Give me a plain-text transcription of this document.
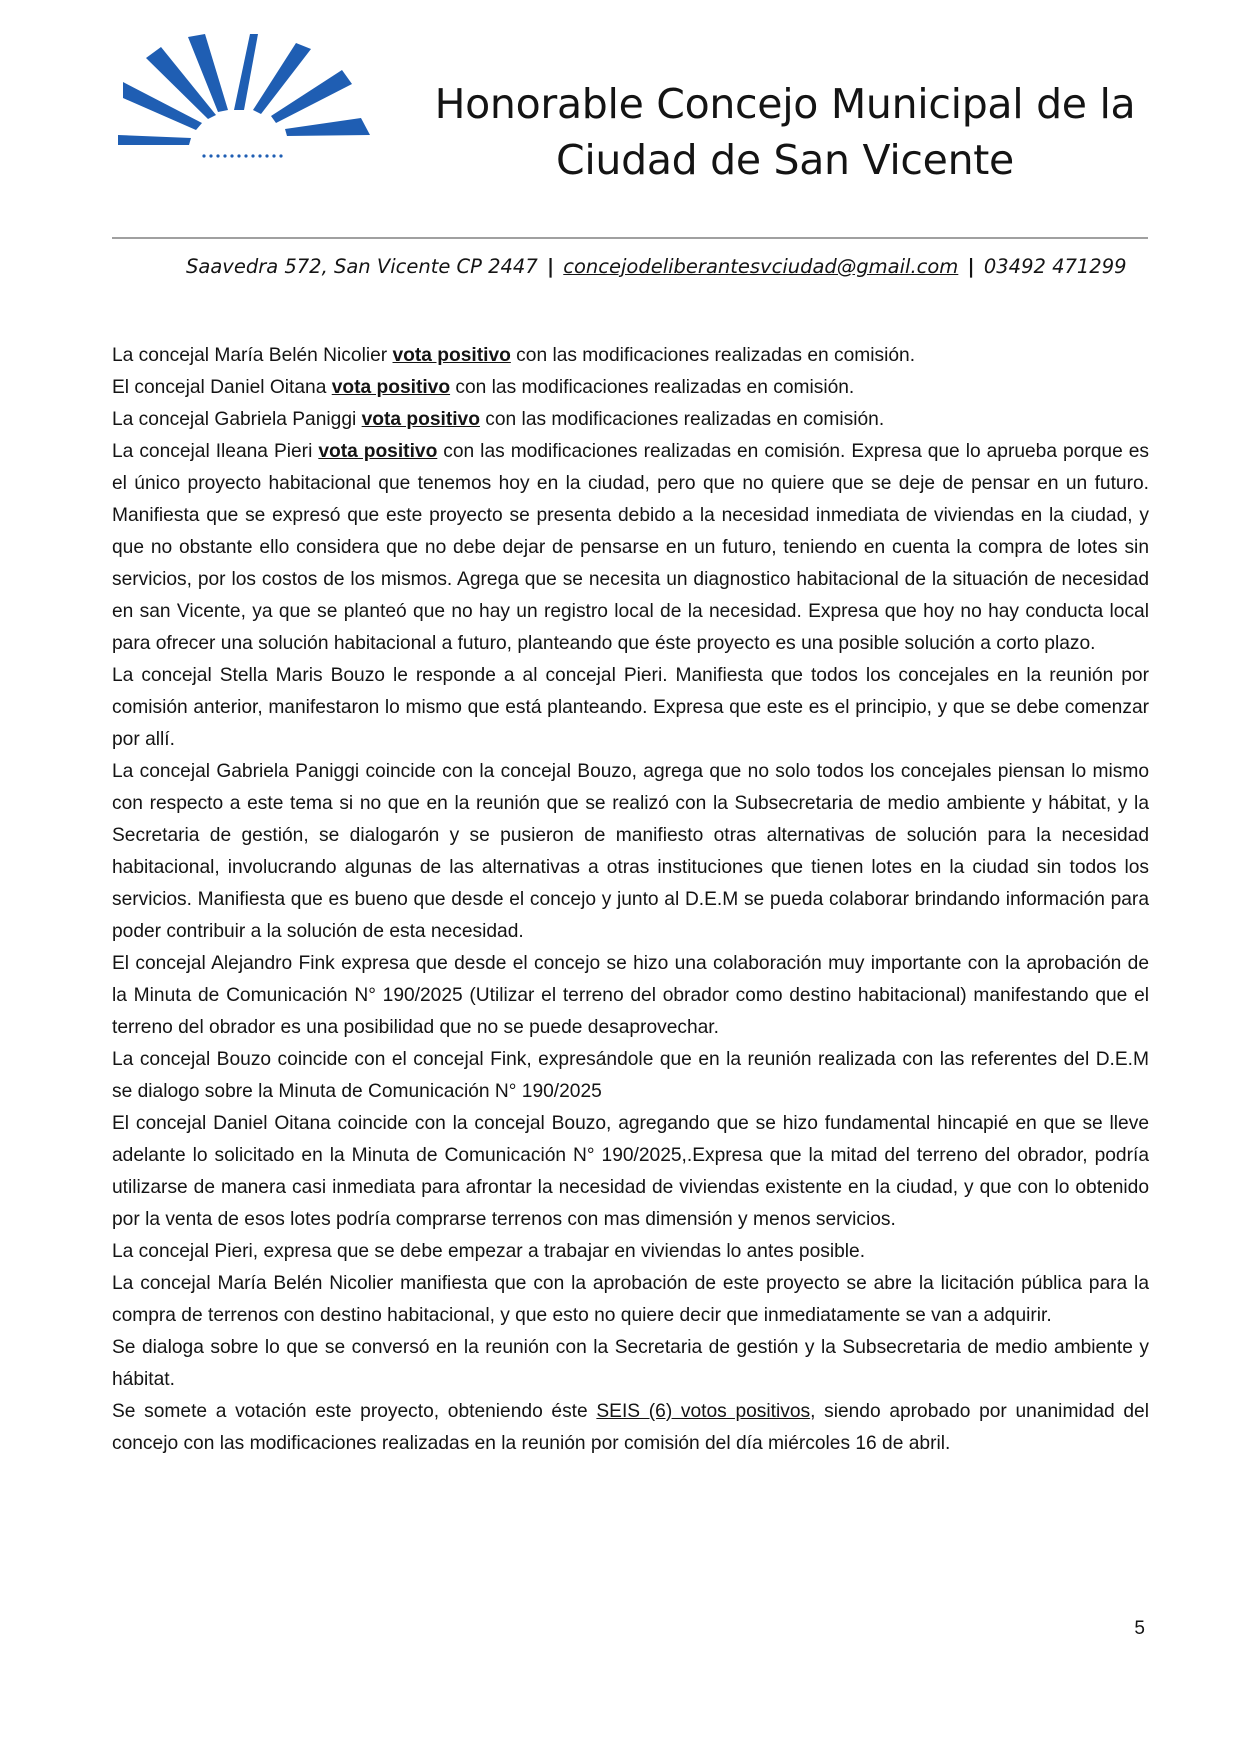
Honorable Concejo Municipal de la
Ciudad de San Vicente
Saavedra 572, San Vicente CP 2447 | concejodeliberantesvciudad@gmail.com | 03492 471299

La concejal María Belén Nicolier vota positivo con las modificaciones realizadas en comisión.

El concejal Daniel Oitana vota positivo con las modificaciones realizadas en comisión.

La concejal Gabriela Paniggi vota positivo con las modificaciones realizadas en comisión.

La concejal Ileana Pieri vota positivo con las modificaciones realizadas en comisión. Expresa que lo aprueba porque es el único proyecto habitacional que tenemos hoy en la ciudad, pero que no quiere que se deje de pensar en un futuro. Manifiesta que se expresó que este proyecto se presenta debido a la necesidad inmediata de viviendas en la ciudad, y que no obstante ello considera que no debe dejar de pensarse en un futuro, teniendo en cuenta la compra de lotes sin servicios, por los costos de los mismos. Agrega que se necesita un diagnostico habitacional de la situación de necesidad en san Vicente, ya que se planteó que no hay un registro local de la necesidad. Expresa que hoy no hay conducta local para ofrecer una solución habitacional a futuro, planteando que éste proyecto es una posible solución a corto plazo.

La concejal Stella Maris Bouzo le responde a al concejal Pieri. Manifiesta que todos los concejales en la reunión por comisión anterior, manifestaron lo mismo que está planteando. Expresa que este es el principio, y que se debe comenzar por allí.

La concejal Gabriela Paniggi coincide con la concejal Bouzo, agrega que no solo todos los concejales piensan lo mismo con respecto a este tema si no que en la reunión que se realizó con la Subsecretaria de medio ambiente y hábitat, y la Secretaria de gestión, se dialogarón y se pusieron de manifiesto otras alternativas de solución para la necesidad habitacional, involucrando algunas de las alternativas a otras instituciones que tienen lotes en la ciudad sin todos los servicios. Manifiesta que es bueno que desde el concejo y junto al D.E.M se pueda colaborar brindando información para poder contribuir a la solución de esta necesidad.

El concejal Alejandro Fink expresa que desde el concejo se hizo una colaboración muy importante con la aprobación de la Minuta de Comunicación N° 190/2025 (Utilizar el terreno del obrador como destino habitacional) manifestando que el terreno del obrador es una posibilidad que no se puede desaprovechar.

La concejal Bouzo coincide con el concejal Fink, expresándole que en la reunión realizada con las referentes del D.E.M se dialogo sobre la Minuta de Comunicación N° 190/2025

El concejal Daniel Oitana coincide con la concejal Bouzo, agregando que se hizo fundamental hincapié en que se lleve adelante lo solicitado en la Minuta de Comunicación N° 190/2025,.Expresa que la mitad del terreno del obrador, podría utilizarse de manera casi inmediata para afrontar la necesidad de viviendas existente en la ciudad, y que con lo obtenido por la venta de esos lotes podría comprarse terrenos con mas dimensión y menos servicios.

La concejal Pieri, expresa que se debe empezar a trabajar en viviendas lo antes posible.

La concejal María Belén Nicolier manifiesta que con la aprobación de este proyecto se abre la licitación pública para la compra de terrenos con destino habitacional, y que esto no quiere decir que inmediatamente se van a adquirir.

Se dialoga sobre lo que se conversó en la reunión con la Secretaria de gestión y la Subsecretaria de medio ambiente y hábitat.

Se somete a votación este proyecto, obteniendo éste SEIS (6) votos positivos, siendo aprobado por unanimidad del concejo con las modificaciones realizadas en la reunión por comisión del día miércoles 16 de abril.

5
